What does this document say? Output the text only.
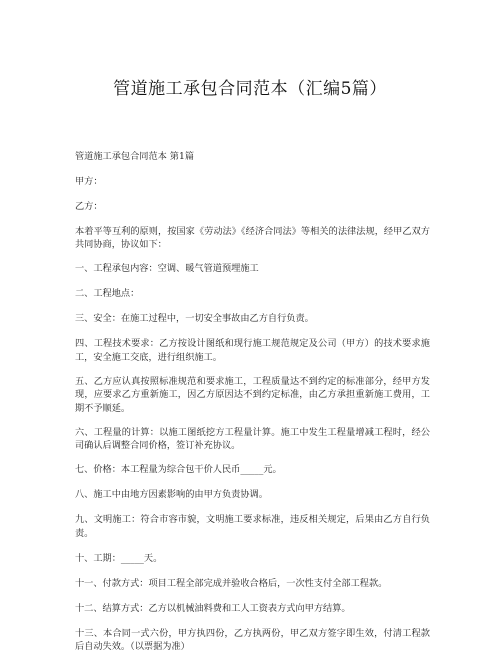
管道施工承包合同范本（汇编5篇）
管道施工承包合同范本 第1篇
甲方：
乙方：
本着平等互利的原则，按国家《劳动法》《经济合同法》等相关的法律法规，经甲乙双方共同协商，协议如下：
一、工程承包内容：空调、暖气管道预埋施工
二、工程地点：
三、安全：在施工过程中，一切安全事故由乙方自行负责。
四、工程技术要求：乙方按设计图纸和现行施工规范规定及公司（甲方）的技术要求施工，安全施工交底，进行组织施工。
五、乙方应认真按照标准规范和要求施工，工程质量达不到约定的标准部分，经甲方发现，应要求乙方重新施工，因乙方原因达不到约定标准，由乙方承担重新施工费用，工期不予顺延。
六、工程量的计算：以施工图纸挖方工程量计算。施工中发生工程量增减工程时，经公司确认后调整合同价格，签订补充协议。
七、价格：本工程量为综合包干价人民币_____元。
八、施工中由地方因素影响的由甲方负责协调。
九、文明施工：符合市容市貌，文明施工要求标准，违反相关规定，后果由乙方自行负责。
十、工期：_____天。
十一、付款方式：项目工程全部完成并验收合格后，一次性支付全部工程款。
十二、结算方式：乙方以机械油料费和工人工资表方式向甲方结算。
十三、本合同一式六份，甲方执四份，乙方执两份，甲乙双方签字即生效，付清工程款后自动失效。（以票据为准）
